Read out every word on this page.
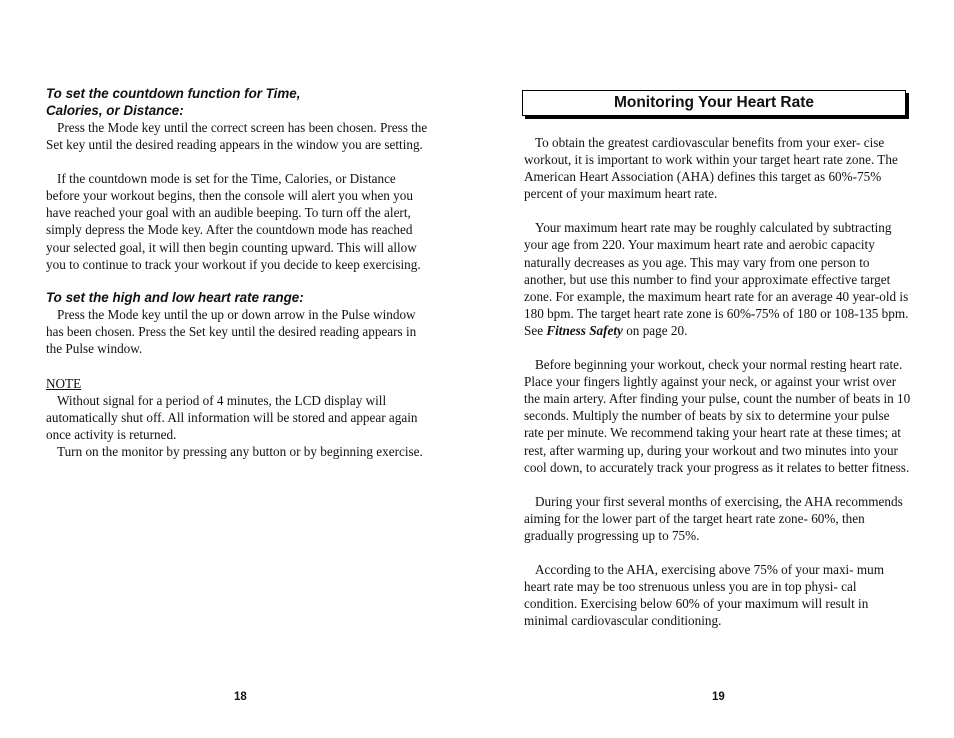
To set the countdown function for Time,

Calories, or Distance:

Press the Mode key until the correct screen has been chosen. Press the Set key until the desired reading appears in the window you are setting.

If the countdown mode is set for the Time, Calories, or Distance before your workout begins, then the console will alert you when you have reached your goal with an audible beeping. To turn off the alert, simply depress the Mode key. After the countdown mode has reached your selected goal, it will then begin counting upward. This will allow you to continue to track your workout if you decide to keep exercising.

To set the high and low heart rate range:

Press the Mode key until the up or down arrow in the Pulse window has been chosen. Press the Set key until the desired reading appears in the Pulse window.

NOTE

Without signal for a period of 4 minutes, the LCD display will automatically shut off. All information will be stored and appear again once activity is returned.

Turn on the monitor by pressing any button or by beginning exercise.

18
Monitoring Your Heart Rate

To obtain the greatest cardiovascular benefits from your exer- cise workout, it is important to work within your target heart rate zone. The American Heart Association (AHA) defines this target as 60%-75% percent of your maximum heart rate.

Your maximum heart rate may be roughly calculated by subtracting your age from 220. Your maximum heart rate and aerobic capacity naturally decreases as you age. This may vary from one person to another, but use this number to find your approximate effective target zone. For example, the maximum heart rate for an average 40 year-old is 180 bpm. The target heart rate zone is 60%-75% of 180 or 108-135 bpm. See Fitness Safety on page 20.

Before beginning your workout, check your normal resting heart rate. Place your fingers lightly against your neck, or against your wrist over the main artery. After finding your pulse, count the number of beats in 10 seconds. Multiply the number of beats by six to determine your pulse rate per minute. We recommend taking your heart rate at these times; at rest, after warming up, during your workout and two minutes into your cool down, to accurately track your progress as it relates to better fitness.

During your first several months of exercising, the AHA recommends aiming for the lower part of the target heart rate zone- 60%, then gradually progressing up to 75%.

According to the AHA, exercising above 75% of your maxi- mum heart rate may be too strenuous unless you are in top physi- cal condition. Exercising below 60% of your maximum will result in minimal cardiovascular conditioning.

19
